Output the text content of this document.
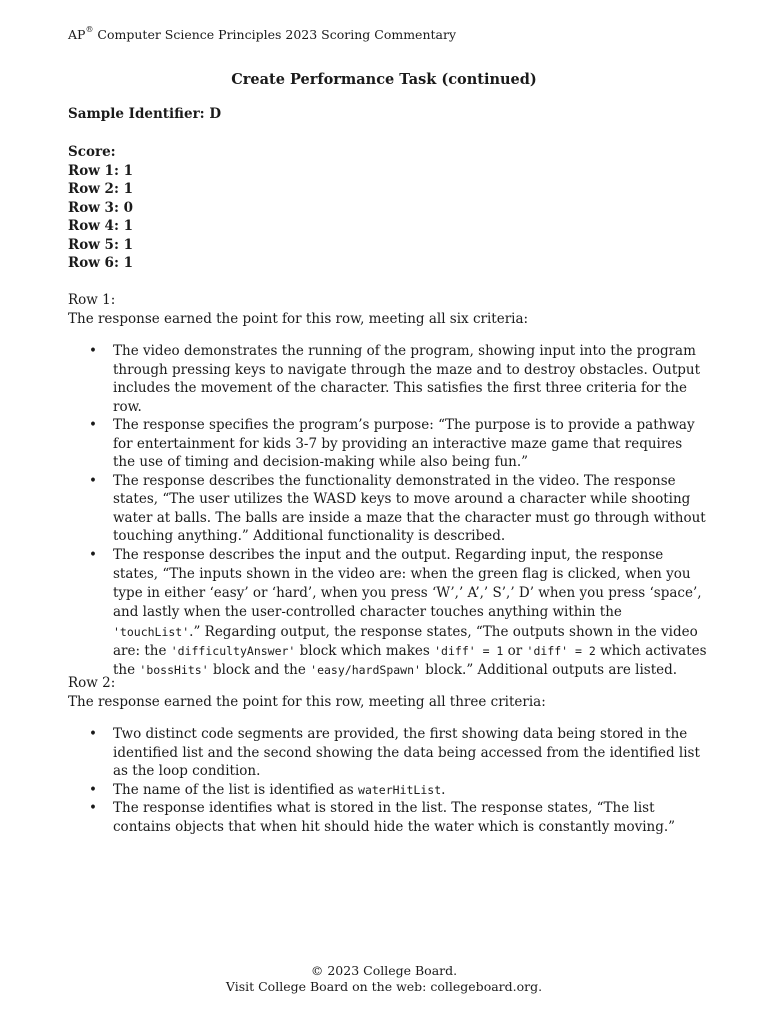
AP® Computer Science Principles 2023 Scoring Commentary
Create Performance Task (continued)
Sample Identifier: D
Score:
Row 1: 1
Row 2: 1
Row 3: 0
Row 4: 1
Row 5: 1
Row 6: 1

Row 1:

The response earned the point for this row, meeting all six criteria:

• The video demonstrates the running of the program, showing input into the program through pressing keys to navigate through the maze and to destroy obstacles. Output includes the movement of the character. This satisfies the first three criteria for the row.
• The response specifies the program’s purpose: “The purpose is to provide a pathway for entertainment for kids 3-7 by providing an interactive maze game that requires the use of timing and decision-making while also being fun.”
• The response describes the functionality demonstrated in the video. The response states, “The user utilizes the WASD keys to move around a character while shooting water at balls. The balls are inside a maze that the character must go through without touching anything.” Additional functionality is described.
• The response describes the input and the output. Regarding input, the response states, “The inputs shown in the video are: when the green flag is clicked, when you type in either ‘easy’ or ‘hard’, when you press ‘W’,’ A’,’ S’,’ D’ when you press ‘space’, and lastly when the user-controlled character touches anything within the 'touchList'.” Regarding output, the response states, “The outputs shown in the video are: the 'difficultyAnswer' block which makes 'diff' = 1 or 'diff' = 2 which activates the 'bossHits' block and the 'easy/hardSpawn' block.” Additional outputs are listed.

Row 2:

The response earned the point for this row, meeting all three criteria:

• Two distinct code segments are provided, the first showing data being stored in the identified list and the second showing the data being accessed from the identified list as the loop condition.
• The name of the list is identified as waterHitList.
• The response identifies what is stored in the list. The response states, “The list contains objects that when hit should hide the water which is constantly moving.”
© 2023 College Board.
Visit College Board on the web: collegeboard.org.
